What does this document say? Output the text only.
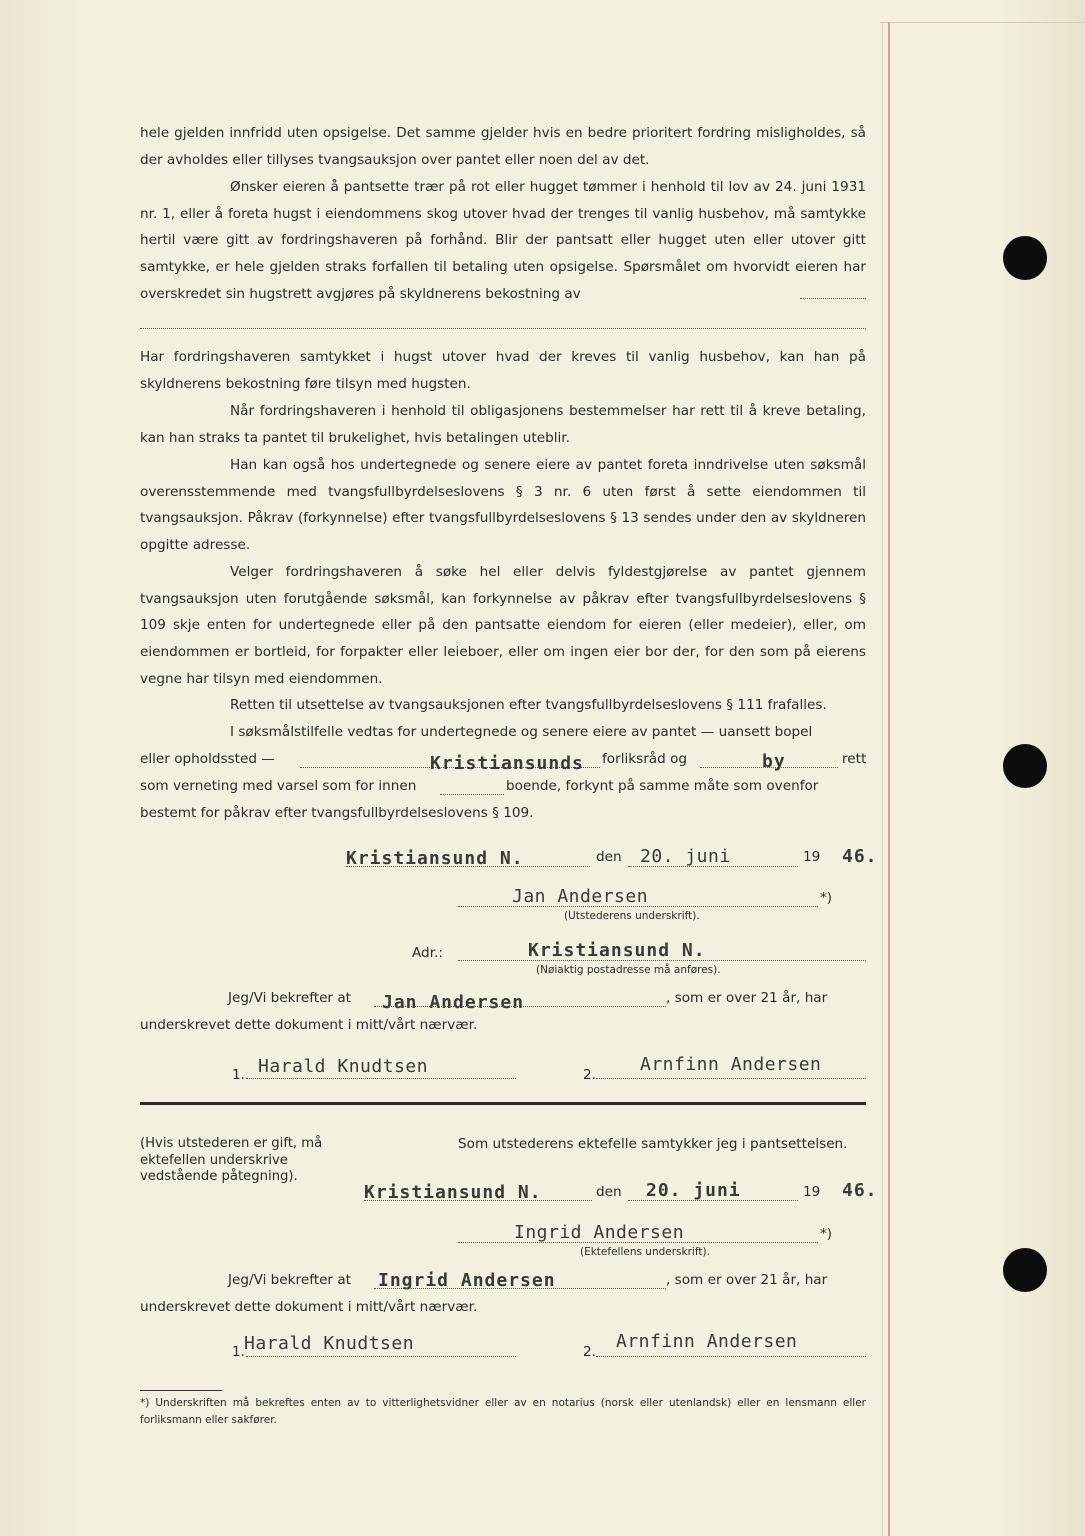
hele gjelden innfridd uten opsigelse. Det samme gjelder hvis en bedre prioritert fordring misligholdes, så der avholdes eller tillyses tvangsauksjon over pantet eller noen del av det.

Ønsker eieren å pantsette trær på rot eller hugget tømmer i henhold til lov av 24. juni 1931 nr. 1, eller å foreta hugst i eiendommens skog utover hvad der trenges til vanlig husbehov, må samtykke hertil være gitt av fordringshaveren på forhånd. Blir der pantsatt eller hugget uten eller utover gitt samtykke, er hele gjelden straks forfallen til betaling uten opsigelse. Spørsmålet om hvorvidt eieren har overskredet sin hugstrett avgjøres på skyldnerens bekostning av

Har fordringshaveren samtykket i hugst utover hvad der kreves til vanlig husbehov, kan han på skyldnerens bekostning føre tilsyn med hugsten.

Når fordringshaveren i henhold til obligasjonens bestemmelser har rett til å kreve betaling, kan han straks ta pantet til brukelighet, hvis betalingen uteblir.

Han kan også hos undertegnede og senere eiere av pantet foreta inndrivelse uten søksmål overensstemmende med tvangsfullbyrdelseslovens § 3 nr. 6 uten først å sette eiendommen til tvangsauksjon. Påkrav (forkynnelse) efter tvangsfullbyrdelseslovens § 13 sendes under den av skyldneren opgitte adresse.

Velger fordringshaveren å søke hel eller delvis fyldestgjørelse av pantet gjennem tvangsauksjon uten forutgående søksmål, kan forkynnelse av påkrav efter tvangsfullbyrdelseslovens § 109 skje enten for undertegnede eller på den pantsatte eiendom for eieren (eller medeier), eller, om eiendommen er bortleid, for forpakter eller leieboer, eller om ingen eier bor der, for den som på eierens vegne har tilsyn med eiendommen.

Retten til utsettelse av tvangsauksjonen efter tvangsfullbyrdelseslovens § 111 frafalles.

I søksmålstilfelle vedtas for undertegnede og senere eiere av pantet — uansett bopel

eller opholdssted —	Kristiansunds forliksråd og	by	rett
som verneting med varsel som for innen	boende, forkynt på samme måte som ovenfor
bestemt for påkrav efter tvangsfullbyrdelseslovens § 109.
Kristiansund N.	den 20. juni	19 46.
Jan Andersen	*)
(Utstederens underskrift).
Adr.:	Kristiansund N.
(Nøiaktig postadresse må anføres).
Jeg/Vi bekrefter at Jan Andersen	, som er over 21 år, har
underskrevet dette dokument i mitt/vårt nærvær.
1. Harald Knudtsen	2. Arnfinn Andersen
(Hvis utstederen er gift, må ektefellen underskrive vedstående påtegning).
Som utstederens ektefelle samtykker jeg i pantsettelsen.
Kristiansund N.	den 20. juni	19 46.
Ingrid Andersen	*)
(Ektefellens underskrift).
Jeg/Vi bekrefter at Ingrid Andersen	, som er over 21 år, har
underskrevet dette dokument i mitt/vårt nærvær.
1. Harald Knudtsen	2. Arnfinn Andersen
*) Underskriften må bekreftes enten av to vitterlighetsvidner eller av en notarius (norsk eller utenlandsk) eller en lensmann eller forliksmann eller sakfører.
